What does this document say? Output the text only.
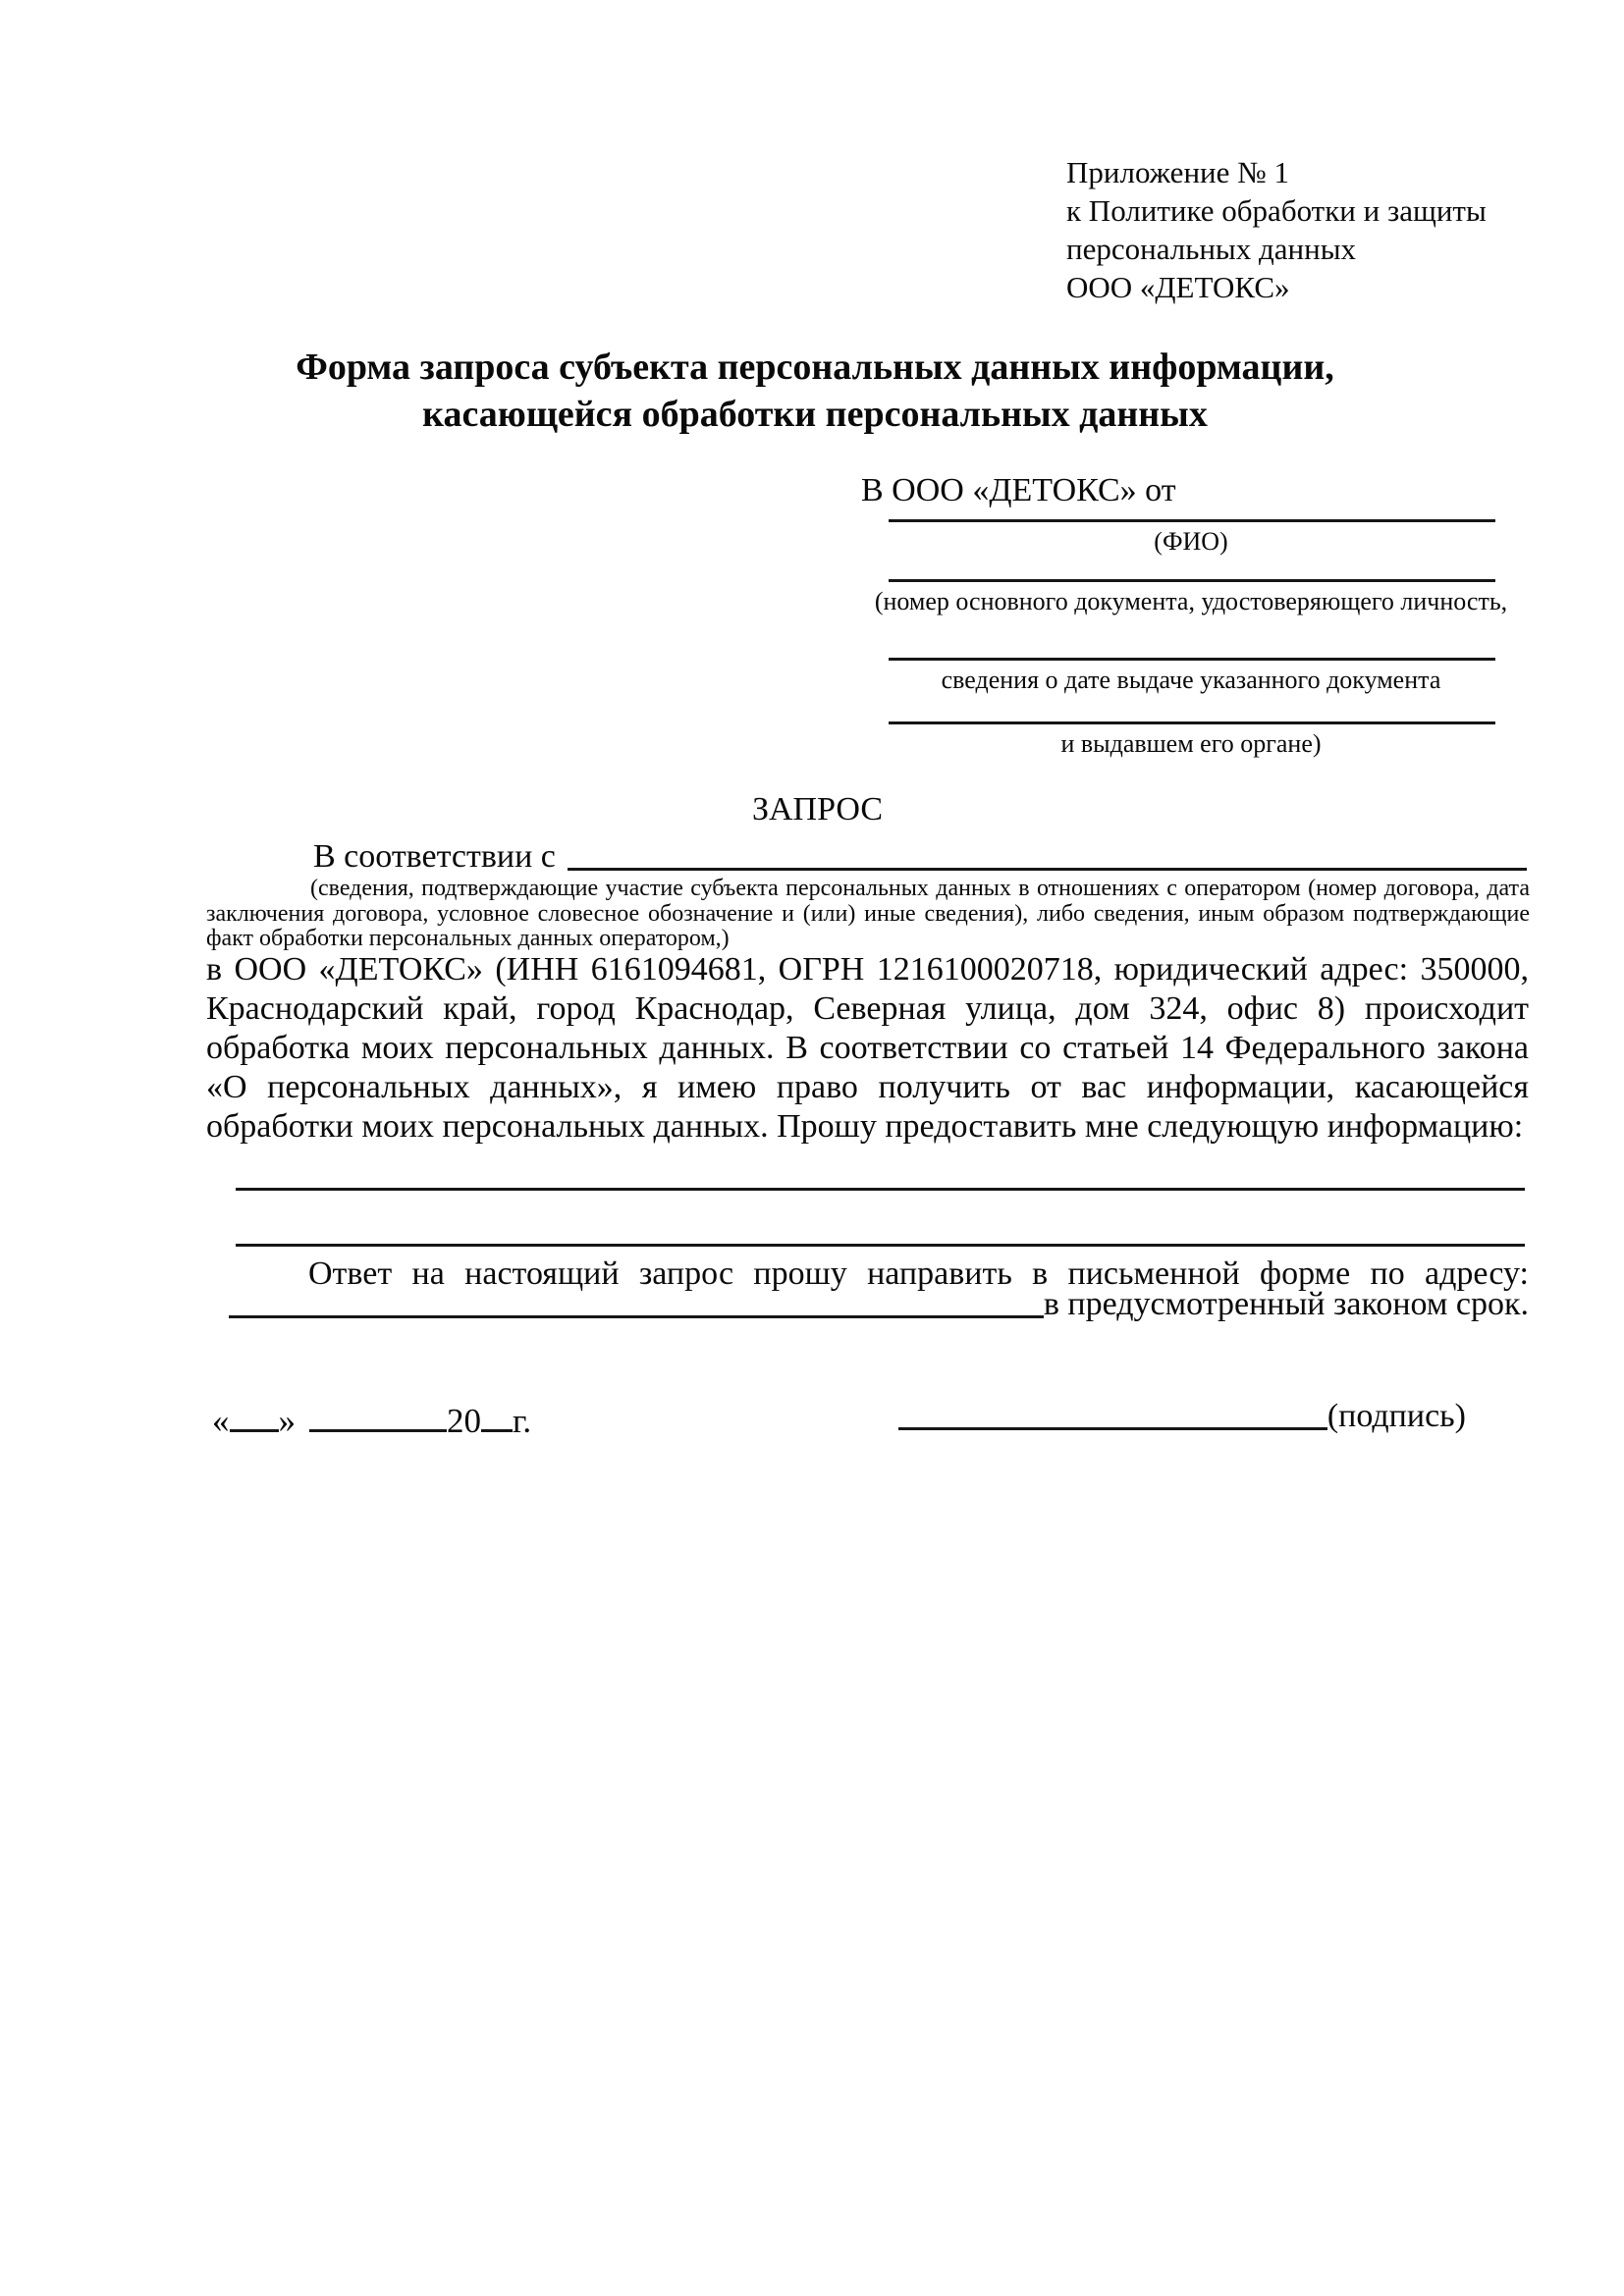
Приложение № 1
к Политике обработки и защиты
персональных данных
ООО «ДЕТОКС»
Форма запроса субъекта персональных данных информации,
касающейся обработки персональных данных
В ООО «ДЕТОКС» от
(ФИО)
(номер основного документа, удостоверяющего личность,
сведения о дате выдаче указанного документа
и выдавшем его органе)
ЗАПРОС
В соответствии с
(сведения, подтверждающие участие субъекта персональных данных в отношениях с оператором (номер договора, дата заключения договора, условное словесное обозначение и (или) иные сведения), либо сведения, иным образом подтверждающие факт обработки персональных данных оператором,)
в ООО «ДЕТОКС» (ИНН 6161094681, ОГРН 1216100020718, юридический адрес: 350000, Краснодарский край, город Краснодар, Северная улица, дом 324, офис 8) происходит обработка моих персональных данных. В соответствии со статьей 14 Федерального закона «О персональных данных», я имею право получить от вас информации, касающейся обработки моих персональных данных. Прошу предоставить мне следующую информацию:
Ответ на настоящий запрос прошу направить в письменной форме по адресу:
в предусмотренный законом срок.
« »	20 г.	(подпись)
